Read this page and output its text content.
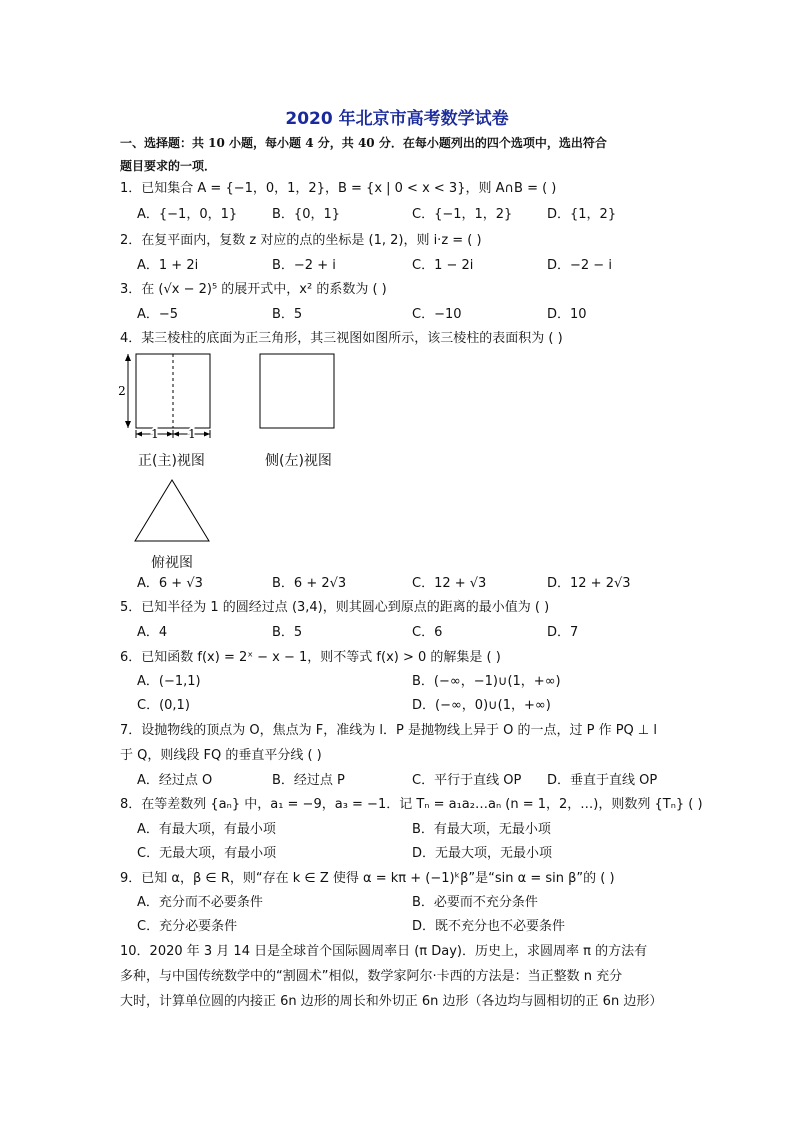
2020 年北京市高考数学试卷
一、选择题：共 10 小题，每小题 4 分，共 40 分．在每小题列出的四个选项中，选出符合
题目要求的一项．
1．已知集合 A = {−1，0，1，2}，B = {x | 0 < x < 3}，则 A∩B = ( )
A．{−1，0，1}	B．{0，1}	C．{−1，1，2}	D．{1，2}
2．在复平面内，复数 z 对应的点的坐标是 (1, 2)，则 i·z = ( )
A．1 + 2i	B．−2 + i	C．1 − 2i	D．−2 − i
3．在 (√x − 2)⁵ 的展开式中，x² 的系数为 ( )
A．−5	B．5	C．−10	D．10
4．某三棱柱的底面为正三角形，其三视图如图所示，该三棱柱的表面积为 ( )
2
1 1
正(主)视图	侧(左)视图
俯视图
A．6 + √3	B．6 + 2√3	C．12 + √3	D．12 + 2√3
5．已知半径为 1 的圆经过点 (3,4)，则其圆心到原点的距离的最小值为 ( )
A．4	B．5	C．6	D．7
6．已知函数 f(x) = 2ˣ − x − 1，则不等式 f(x) > 0 的解集是 ( )
A．(−1,1)	B．(−∞，−1)∪(1，+∞)
C．(0,1)	D．(−∞，0)∪(1，+∞)
7．设抛物线的顶点为 O，焦点为 F，准线为 l．P 是抛物线上异于 O 的一点，过 P 作 PQ ⊥ l
于 Q，则线段 FQ 的垂直平分线 ( )
A．经过点 O	B．经过点 P	C．平行于直线 OP D．垂直于直线 OP
8．在等差数列 {aₙ} 中，a₁ = −9，a₃ = −1．记 Tₙ = a₁a₂…aₙ (n = 1，2，…)，则数列 {Tₙ} ( )
A．有最大项，有最小项	B．有最大项，无最小项
C．无最大项，有最小项	D．无最大项，无最小项
9．已知 α，β ∈ R，则“存在 k ∈ Z 使得 α = kπ + (−1)ᵏβ”是“sin α = sin β”的 ( )
A．充分而不必要条件	B．必要而不充分条件
C．充分必要条件	D．既不充分也不必要条件
10．2020 年 3 月 14 日是全球首个国际圆周率日 (π Day)．历史上，求圆周率 π 的方法有
多种，与中国传统数学中的“割圆术”相似，数学家阿尔·卡西的方法是：当正整数 n 充分
大时，计算单位圆的内接正 6n 边形的周长和外切正 6n 边形（各边均与圆相切的正 6n 边形）
